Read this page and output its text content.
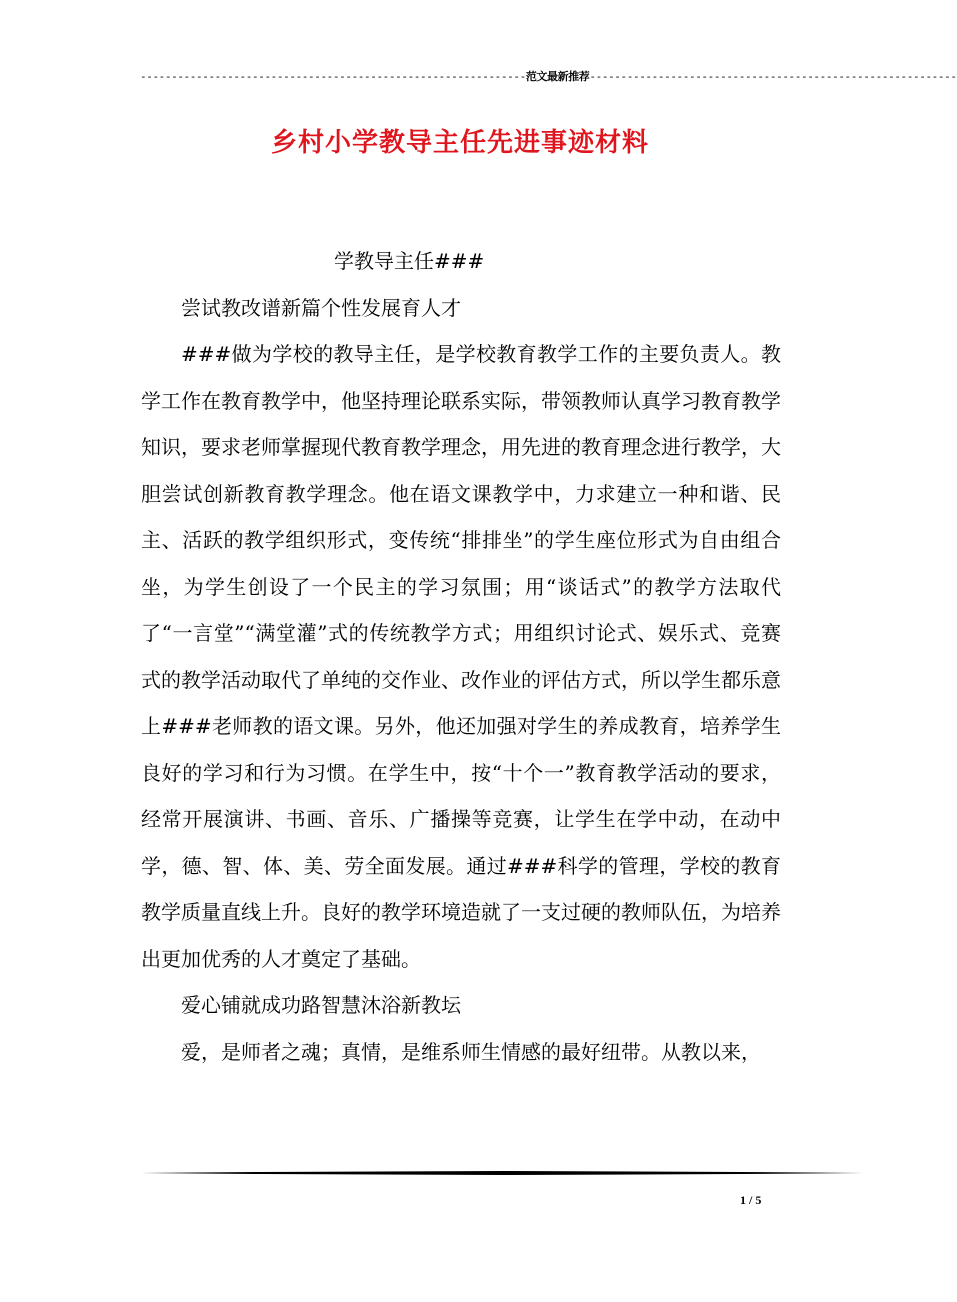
--------------------------------------------------------------范文最新推荐-----------------------------------------------------------
乡村小学教导主任先进事迹材料

学教导主任###

尝试教改谱新篇个性发展育人才

###做为学校的教导主任，是学校教育教学工作的主要负责人。教学工作在教育教学中，他坚持理论联系实际，带领教师认真学习教育教学知识，要求老师掌握现代教育教学理念，用先进的教育理念进行教学，大胆尝试创新教育教学理念。他在语文课教学中，力求建立一种和谐、民主、活跃的教学组织形式，变传统“排排坐”的学生座位形式为自由组合坐，为学生创设了一个民主的学习氛围；用“谈话式”的教学方法取代了“一言堂”“满堂灌”式的传统教学方式；用组织讨论式、娱乐式、竞赛式的教学活动取代了单纯的交作业、改作业的评估方式，所以学生都乐意上###老师教的语文课。另外，他还加强对学生的养成教育，培养学生良好的学习和行为习惯。在学生中，按“十个一”教育教学活动的要求，经常开展演讲、书画、音乐、广播操等竞赛，让学生在学中动，在动中学，德、智、体、美、劳全面发展。通过###科学的管理，学校的教育教学质量直线上升。良好的教学环境造就了一支过硬的教师队伍，为培养出更加优秀的人才奠定了基础。

爱心铺就成功路智慧沐浴新教坛

爱，是师者之魂；真情，是维系师生情感的最好纽带。从教以来，

1 / 5
